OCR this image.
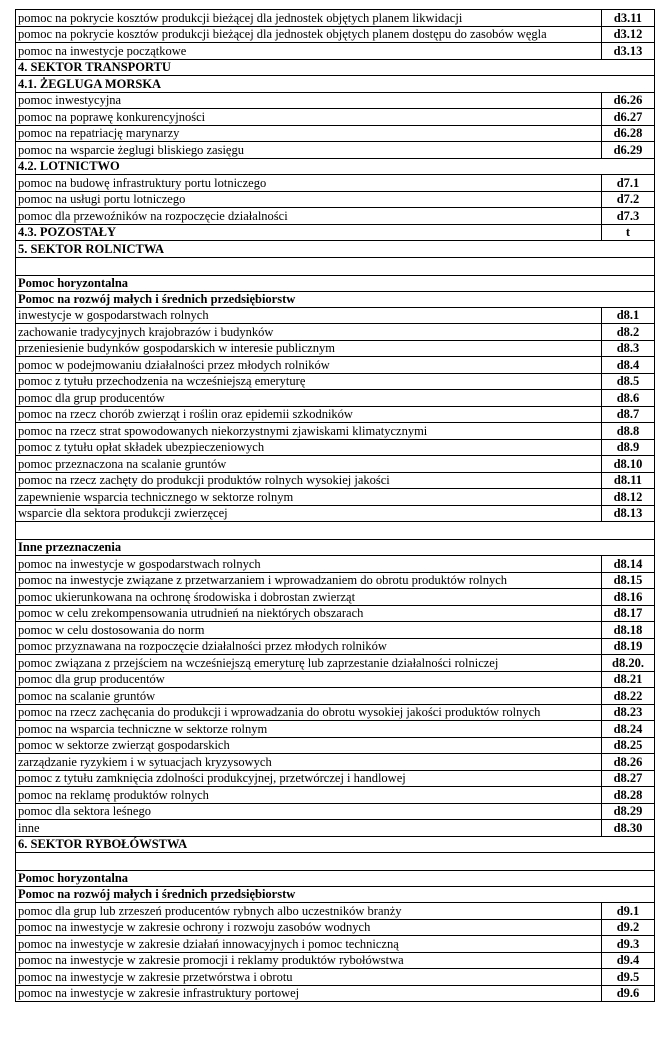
pomoc na pokrycie kosztów produkcji bieżącej dla jednostek objętych planem likwidacji	d3.11
pomoc na pokrycie kosztów produkcji bieżącej dla jednostek objętych planem dostępu do zasobów węgla	d3.12
pomoc na inwestycje początkowe	d3.13
4. SEKTOR TRANSPORTU	
4.1. ŻEGLUGA MORSKA	
pomoc inwestycyjna	d6.26
pomoc na poprawę konkurencyjności	d6.27
pomoc na repatriację marynarzy	d6.28
pomoc na wsparcie żeglugi bliskiego zasięgu	d6.29
4.2. LOTNICTWO	
pomoc na budowę infrastruktury portu lotniczego	d7.1
pomoc na usługi portu lotniczego	d7.2
pomoc dla przewoźników na rozpoczęcie działalności	d7.3
4.3. POZOSTAŁY	t
5. SEKTOR ROLNICTWA	

Pomoc horyzontalna	
Pomoc na rozwój małych i średnich przedsiębiorstw	
inwestycje w gospodarstwach rolnych	d8.1
zachowanie tradycyjnych krajobrazów i budynków	d8.2
przeniesienie budynków gospodarskich w interesie publicznym	d8.3
pomoc w podejmowaniu działalności przez młodych rolników	d8.4
pomoc z tytułu przechodzenia na wcześniejszą emeryturę	d8.5
pomoc dla grup producentów	d8.6
pomoc na rzecz chorób zwierząt i roślin oraz epidemii szkodników	d8.7
pomoc na rzecz strat spowodowanych niekorzystnymi zjawiskami klimatycznymi	d8.8
pomoc z tytułu opłat składek ubezpieczeniowych	d8.9
pomoc przeznaczona na scalanie gruntów	d8.10
pomoc na rzecz zachęty do produkcji produktów rolnych wysokiej jakości	d8.11
zapewnienie wsparcia technicznego w sektorze rolnym	d8.12
wsparcie dla sektora produkcji zwierzęcej	d8.13

Inne przeznaczenia	
pomoc na inwestycje w gospodarstwach rolnych	d8.14
pomoc na inwestycje związane z przetwarzaniem i wprowadzaniem do obrotu produktów rolnych	d8.15
pomoc ukierunkowana na ochronę środowiska i dobrostan zwierząt	d8.16
pomoc w celu zrekompensowania utrudnień na niektórych obszarach	d8.17
pomoc w celu dostosowania do norm	d8.18
pomoc przyznawana na rozpoczęcie działalności przez młodych rolników	d8.19
pomoc związana z przejściem na wcześniejszą emeryturę lub zaprzestanie działalności rolniczej	d8.20.
pomoc dla grup producentów	d8.21
pomoc na scalanie gruntów	d8.22
pomoc na rzecz zachęcania do produkcji i wprowadzania do obrotu wysokiej jakości produktów rolnych	d8.23
pomoc na wsparcia techniczne w sektorze rolnym	d8.24
pomoc w sektorze zwierząt gospodarskich	d8.25
zarządzanie ryzykiem i w sytuacjach kryzysowych	d8.26
pomoc z tytułu zamknięcia zdolności produkcyjnej, przetwórczej i handlowej	d8.27
pomoc na reklamę produktów rolnych	d8.28
pomoc dla sektora leśnego	d8.29
inne	d8.30
6. SEKTOR RYBOŁÓWSTWA	

Pomoc horyzontalna	
Pomoc na rozwój małych i średnich przedsiębiorstw	
pomoc dla grup lub zrzeszeń producentów rybnych albo uczestników branży	d9.1
pomoc na inwestycje w zakresie ochrony i rozwoju zasobów wodnych	d9.2
pomoc na inwestycje w zakresie działań innowacyjnych i pomoc techniczną	d9.3
pomoc na inwestycje w zakresie promocji i reklamy produktów rybołówstwa	d9.4
pomoc na inwestycje w zakresie przetwórstwa i obrotu	d9.5
pomoc na inwestycje w zakresie infrastruktury portowej	d9.6
